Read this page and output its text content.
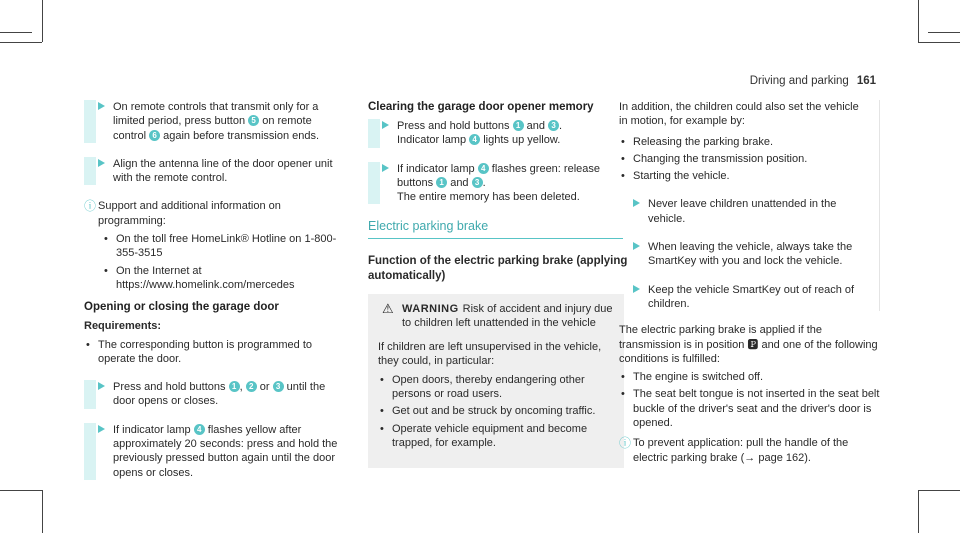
Driving and parking 161

On remote controls that transmit only for a limited period, press button 5 on remote control 6 again before transmission ends.

Align the antenna line of the door opener unit with the remote control.

ⓘ Support and additional information on programming:

• On the toll free HomeLink® Hotline on 1-800-355-3515
• On the Internet at https://www.homelink.com/mercedes
Opening or closing the garage door
Requirements:
• The corresponding button is programmed to operate the door.

Press and hold buttons 1 , 2 or 3 until the door opens or closes.

If indicator lamp 4 flashes yellow after approximately 20 seconds: press and hold the previously pressed button again until the door opens or closes.

Clearing the garage door opener memory

Press and hold buttons 1 and 3 .
Indicator lamp 4 lights up yellow.

If indicator lamp 4 flashes green: release buttons 1 and 3 .
The entire memory has been deleted.

Electric parking brake
Function of the electric parking brake (applying automatically)
⚠ WARNING Risk of accident and injury due to children left unattended in the vehicle

If children are left unsupervised in the vehicle, they could, in particular:

• Open doors, thereby endangering other persons or road users.
• Get out and be struck by oncoming traffic.
• Operate vehicle equipment and become trapped, for example.

In addition, the children could also set the vehicle in motion, for example by:

• Releasing the parking brake.
• Changing the transmission position.
• Starting the vehicle.

Never leave children unattended in the vehicle.

When leaving the vehicle, always take the SmartKey with you and lock the vehicle.

Keep the vehicle SmartKey out of reach of children.

The electric parking brake is applied if the transmission is in position 🅿 and one of the following conditions is fulfilled:

• The engine is switched off.
• The seat belt tongue is not inserted in the seat belt buckle of the driver's seat and the driver's door is opened.
ⓘ To prevent application: pull the handle of the electric parking brake (→ page 162).
